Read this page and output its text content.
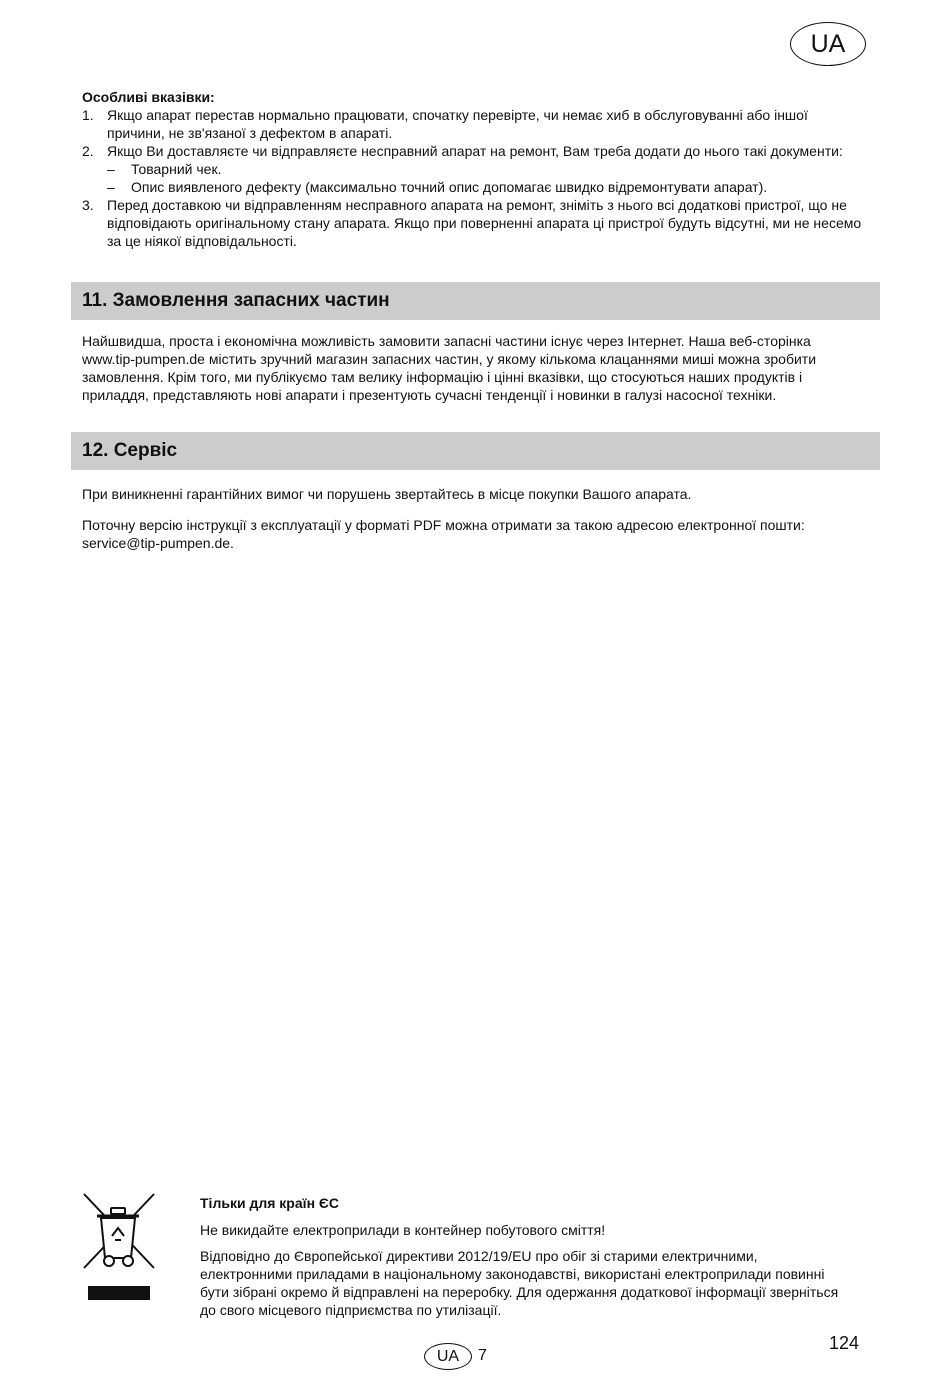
UA
Особливі вказівки:
1. Якщо апарат перестав нормально працювати, спочатку перевірте, чи немає хиб в обслуговуванні або іншої причини, не зв'язаної з дефектом в апараті.
2. Якщо Ви доставляєте чи відправляєте несправний апарат на ремонт, Вам треба додати до нього такі документи:
– Товарний чек.
– Опис виявленого дефекту (максимально точний опис допомагає швидко відремонтувати апарат).
3. Перед доставкою чи відправленням несправного апарата на ремонт, зніміть з нього всі додаткові пристрої, що не відповідають оригінальному стану апарата. Якщо при поверненні апарата ці пристрої будуть відсутні, ми не несемо за це ніякої відповідальності.
11. Замовлення запасних частин

Найшвидша, проста і економічна можливість замовити запасні частини існує через Інтернет. Наша веб-сторінка www.tip-pumpen.de містить зручний магазин запасних частин, у якому кількома клацаннями миші можна зробити замовлення. Крім того, ми публікуємо там велику інформацію і цінні вказівки, що стосуються наших продуктів і приладдя, представляють нові апарати і презентують сучасні тенденції і новинки в галузі насосної техніки.

12. Сервіс

При виникненні гарантійних вимог чи порушень звертайтесь в місце покупки Вашого апарата.

Поточну версію інструкції з експлуатації у форматі PDF можна отримати за такою адресою електронної пошти: service@tip-pumpen.de.

Тільки для країн ЄС

Не викидайте електроприлади в контейнер побутового сміття!

Відповідно до Європейської директиви 2012/19/EU про обіг зі старими електричними, електронними приладами в національному законодавстві, використані електроприлади повинні бути зібрані окремо й відправлені на переробку. Для одержання додаткової інформації зверніться до свого місцевого підприємства по утилізації.

124
UA	7
